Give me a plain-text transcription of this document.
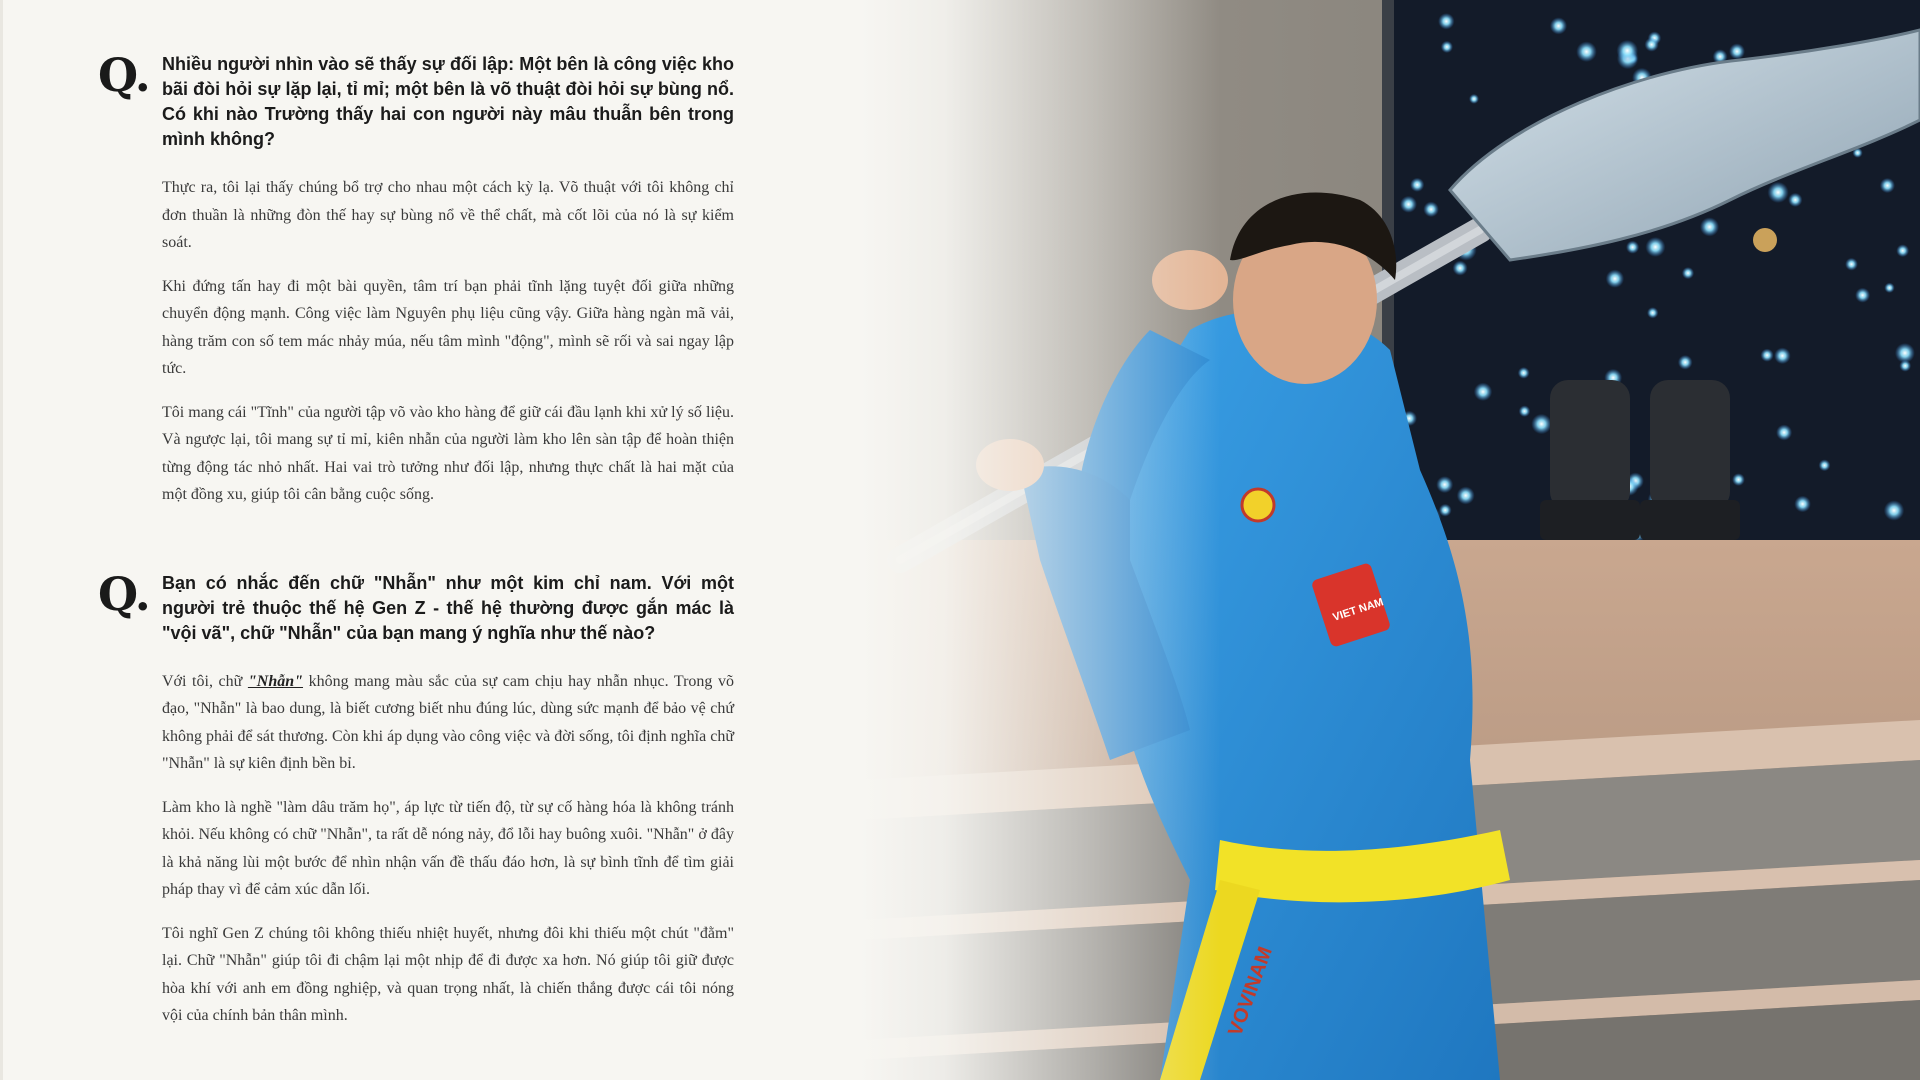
Q. Nhiều người nhìn vào sẽ thấy sự đối lập: Một bên là công việc kho bãi đòi hỏi sự lặp lại, tỉ mỉ; một bên là võ thuật đòi hỏi sự bùng nổ. Có khi nào Trường thấy hai con người này mâu thuẫn bên trong mình không?

Thực ra, tôi lại thấy chúng bổ trợ cho nhau một cách kỳ lạ. Võ thuật với tôi không chỉ đơn thuần là những đòn thế hay sự bùng nổ về thể chất, mà cốt lõi của nó là sự kiểm soát.

Khi đứng tấn hay đi một bài quyền, tâm trí bạn phải tĩnh lặng tuyệt đối giữa những chuyển động mạnh. Công việc làm Nguyên phụ liệu cũng vậy. Giữa hàng ngàn mã vải, hàng trăm con số tem mác nhảy múa, nếu tâm mình "động", mình sẽ rối và sai ngay lập tức.

Tôi mang cái "Tĩnh" của người tập võ vào kho hàng để giữ cái đầu lạnh khi xử lý số liệu. Và ngược lại, tôi mang sự tỉ mỉ, kiên nhẫn của người làm kho lên sàn tập để hoàn thiện từng động tác nhỏ nhất. Hai vai trò tưởng như đối lập, nhưng thực chất là hai mặt của một đồng xu, giúp tôi cân bằng cuộc sống.

Q. Bạn có nhắc đến chữ "Nhẫn" như một kim chỉ nam. Với một người trẻ thuộc thế hệ Gen Z - thế hệ thường được gắn mác là "vội vã", chữ "Nhẫn" của bạn mang ý nghĩa như thế nào?

Với tôi, chữ "Nhẫn" không mang màu sắc của sự cam chịu hay nhẫn nhục. Trong võ đạo, "Nhẫn" là bao dung, là biết cương biết nhu đúng lúc, dùng sức mạnh để bảo vệ chứ không phải để sát thương. Còn khi áp dụng vào công việc và đời sống, tôi định nghĩa chữ "Nhẫn" là sự kiên định bền bỉ.

Làm kho là nghề "làm dâu trăm họ", áp lực từ tiến độ, từ sự cố hàng hóa là không tránh khỏi. Nếu không có chữ "Nhẫn", ta rất dễ nóng nảy, đổ lỗi hay buông xuôi. "Nhẫn" ở đây là khả năng lùi một bước để nhìn nhận vấn đề thấu đáo hơn, là sự bình tĩnh để tìm giải pháp thay vì để cảm xúc dẫn lối.

Tôi nghĩ Gen Z chúng tôi không thiếu nhiệt huyết, nhưng đôi khi thiếu một chút "đằm" lại. Chữ "Nhẫn" giúp tôi đi chậm lại một nhịp để đi được xa hơn. Nó giúp tôi giữ được hòa khí với anh em đồng nghiệp, và quan trọng nhất, là chiến thắng được cái tôi nóng vội của chính bản thân mình.
